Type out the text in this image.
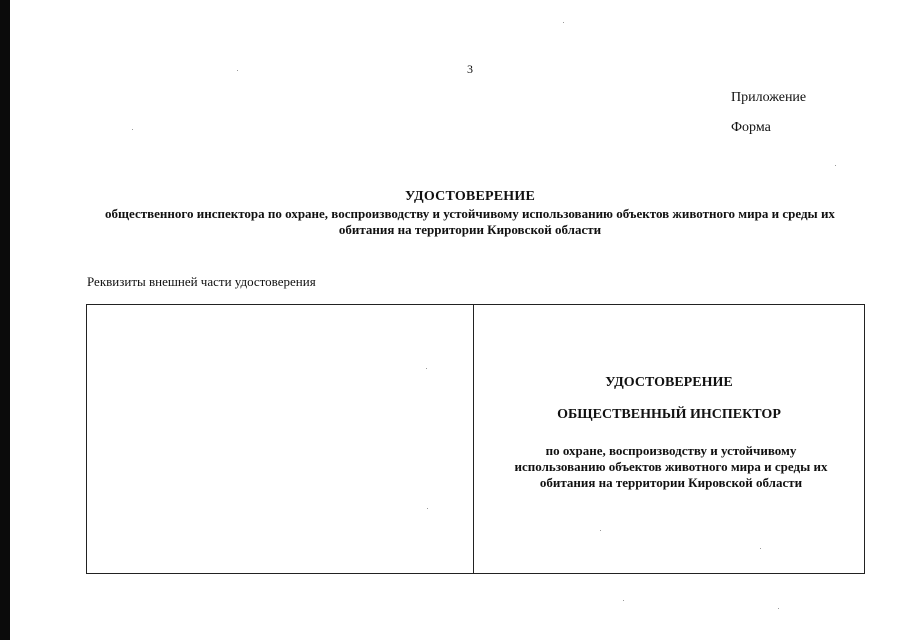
3
Приложение
Форма
УДОСТОВЕРЕНИЕ
общественного инспектора по охране, воспроизводству и устойчивому использованию объектов животного мира и среды их обитания на территории Кировской области
Реквизиты внешней части удостоверения
УДОСТОВЕРЕНИЕ
ОБЩЕСТВЕННЫЙ ИНСПЕКТОР
по охране, воспроизводству и устойчивому использованию объектов животного мира и среды их обитания на территории Кировской области
